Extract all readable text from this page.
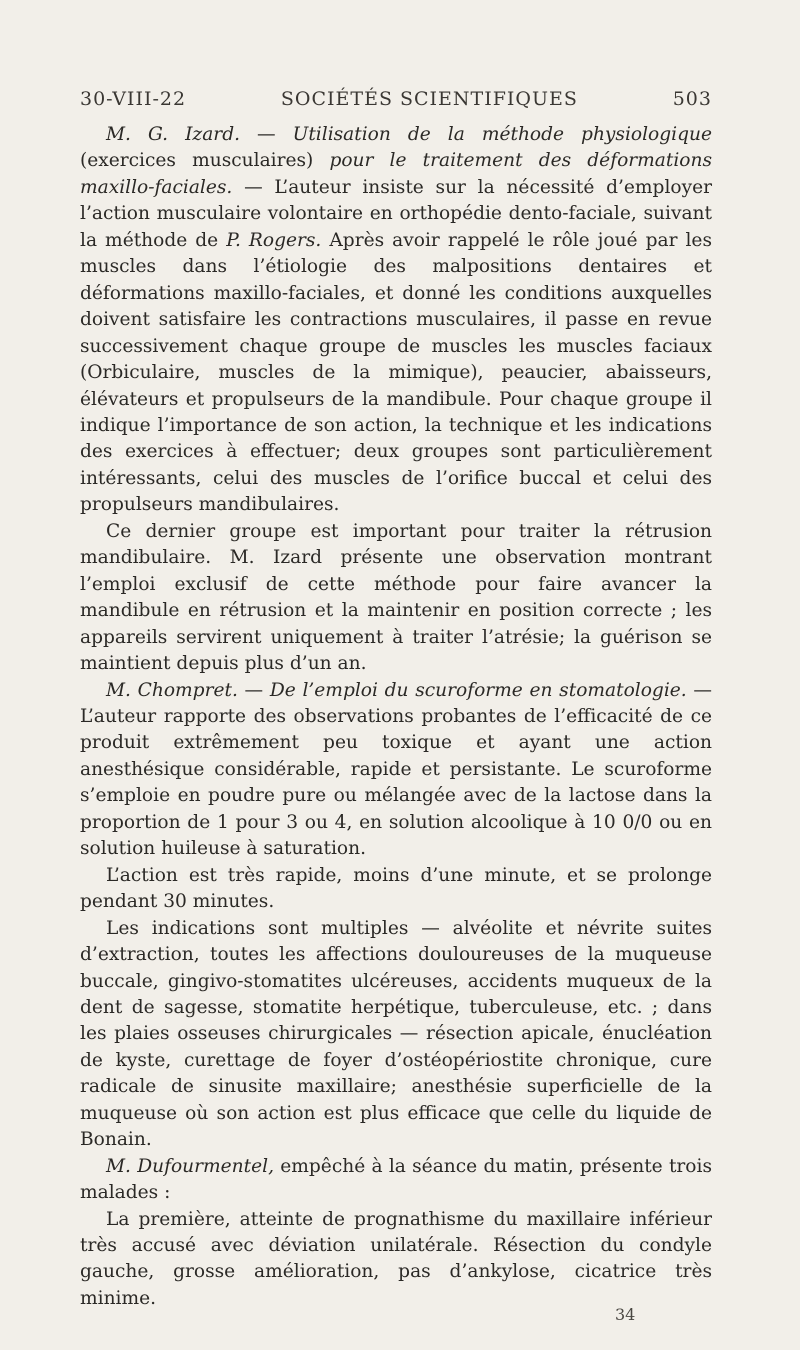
30-VIII-22	SOCIÉTÉS SCIENTIFIQUES	503

M. G. Izard. — Utilisation de la méthode physiologique (exercices musculaires) pour le traitement des déformations maxillo-faciales. — L’auteur insiste sur la nécessité d’employer l’action musculaire volontaire en orthopédie dento-faciale, suivant la méthode de P. Rogers. Après avoir rappelé le rôle joué par les muscles dans l’étiologie des malpositions dentaires et déformations maxillo-faciales, et donné les conditions auxquelles doivent satisfaire les contractions musculaires, il passe en revue successivement chaque groupe de muscles les muscles faciaux (Orbiculaire, muscles de la mimique), peaucier, abaisseurs, élévateurs et propulseurs de la mandibule. Pour chaque groupe il indique l’importance de son action, la technique et les indications des exercices à effectuer; deux groupes sont particulièrement intéressants, celui des muscles de l’orifice buccal et celui des propulseurs mandibulaires.

Ce dernier groupe est important pour traiter la rétrusion mandibulaire. M. Izard présente une observation montrant l’emploi exclusif de cette méthode pour faire avancer la mandibule en rétrusion et la maintenir en position correcte ; les appareils servirent uniquement à traiter l’atrésie; la guérison se maintient depuis plus d’un an.

M. Chompret. — De l’emploi du scuroforme en stomatologie. — L’auteur rapporte des observations probantes de l’efficacité de ce produit extrêmement peu toxique et ayant une action anesthésique considérable, rapide et persistante. Le scuroforme s’emploie en poudre pure ou mélangée avec de la lactose dans la proportion de 1 pour 3 ou 4, en solution alcoolique à 10 0/0 ou en solution huileuse à saturation.

L’action est très rapide, moins d’une minute, et se prolonge pendant 30 minutes.

Les indications sont multiples — alvéolite et névrite suites d’extraction, toutes les affections douloureuses de la muqueuse buccale, gingivo-stomatites ulcéreuses, accidents muqueux de la dent de sagesse, stomatite herpétique, tuberculeuse, etc. ; dans les plaies osseuses chirurgicales — résection apicale, énucléation de kyste, curettage de foyer d’ostéopériostite chronique, cure radicale de sinusite maxillaire; anesthésie superficielle de la muqueuse où son action est plus efficace que celle du liquide de Bonain.

M. Dufourmentel, empêché à la séance du matin, présente trois malades :

La première, atteinte de prognathisme du maxillaire inférieur très accusé avec déviation unilatérale. Résection du condyle gauche, grosse amélioration, pas d’ankylose, cicatrice très minime.

34
